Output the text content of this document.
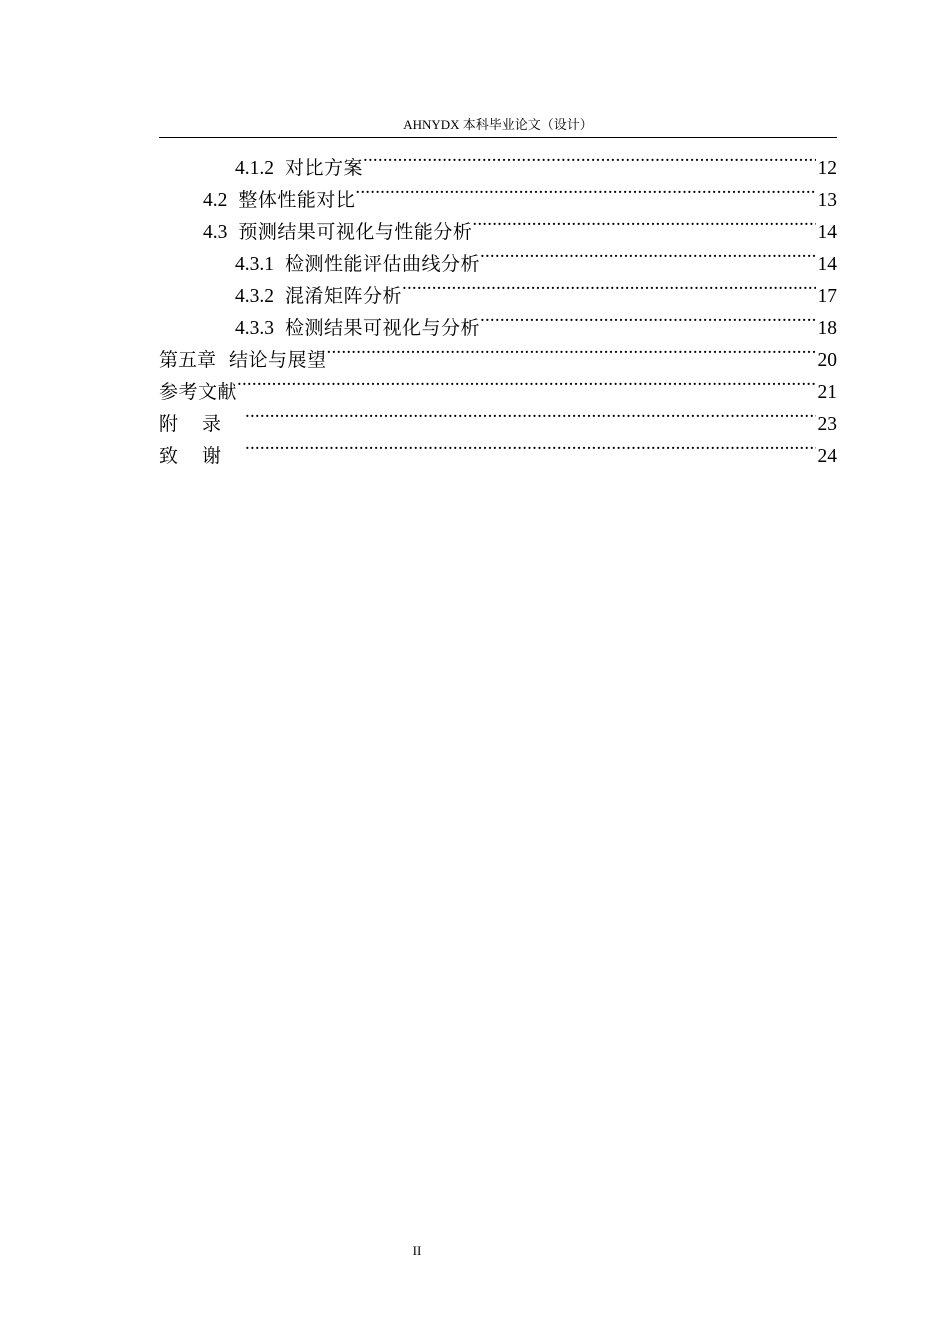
AHNYDX 本科毕业论文（设计）
4.1.2 对比方案 .....	12
4.2 整体性能对比 .....	13
4.3 预测结果可视化与性能分析 .....	14
4.3.1 检测性能评估曲线分析 .....	14
4.3.2 混淆矩阵分析 .....	17
4.3.3 检测结果可视化与分析 .....	18
第五章 结论与展望 .....	20
参考文献 .....	21
附录 .....	23
致谢 .....	24
II
